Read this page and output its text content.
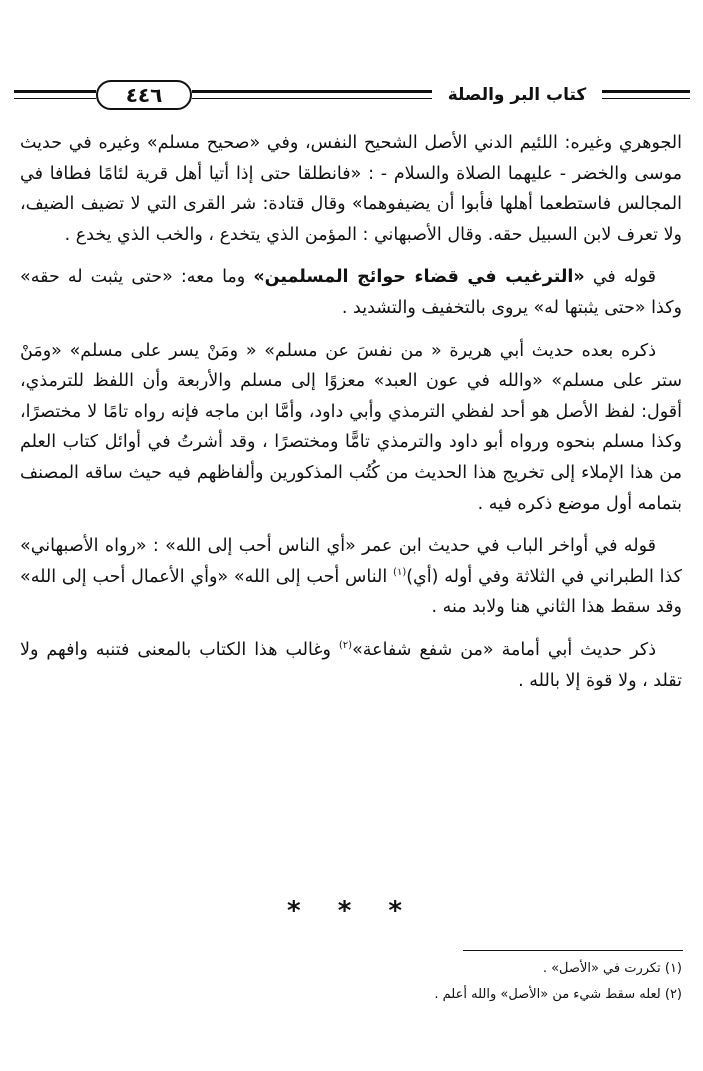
٤٤٦	كتاب البر والصلة

الجوهري وغيره: اللئيم الدني الأصل الشحيح النفس، وفي «صحيح مسلم» وغيره في حديث موسى والخضر - عليهما الصلاة والسلام - : «فانطلقا حتى إذا أتيا أهل قرية لئامًا فطافا في المجالس فاستطعما أهلها فأبوا أن يضيفوهما» وقال قتادة: شر القرى التي لا تضيف الضيف، ولا تعرف لابن السبيل حقه. وقال الأصبهاني : المؤمن الذي يتخدع ، والخب الذي يخدع .

قوله في «الترغيب في قضاء حوائج المسلمين» وما معه: «حتى يثبت له حقه» وكذا «حتى يثبتها له» يروى بالتخفيف والتشديد .

ذكره بعده حديث أبي هريرة « من نفسَ عن مسلم» « ومَنْ يسر على مسلم» «ومَنْ ستر على مسلم» «والله في عون العبد» معزوًا إلى مسلم والأربعة وأن اللفظ للترمذي، أقول: لفظ الأصل هو أحد لفظي الترمذي وأبي داود، وأمَّا ابن ماجه فإنه رواه تامًا لا مختصرًا، وكذا مسلم بنحوه ورواه أبو داود والترمذي تامًّا ومختصرًا ، وقد أشرتُ في أوائل كتاب العلم من هذا الإملاء إلى تخريج هذا الحديث من كُتُب المذكورين وألفاظهم فيه حيث ساقه المصنف بتمامه أول موضع ذكره فيه .

قوله في أواخر الباب في حديث ابن عمر «أي الناس أحب إلى الله» : «رواه الأصبهاني» كذا الطبراني في الثلاثة وفي أوله (أي)$^{(١)}$ الناس أحب إلى الله» «وأي الأعمال أحب إلى الله» وقد سقط هذا الثاني هنا ولابد منه .

ذكر حديث أبي أمامة «من شفع شفاعة»$^{(٢)}$ وغالب هذا الكتاب بالمعنى فتنبه وافهم ولا تقلد ، ولا قوة إلا بالله .

* * *
(١) تكررت في «الأصل» .
(٢) لعله سقط شيء من «الأصل» والله أعلم .
